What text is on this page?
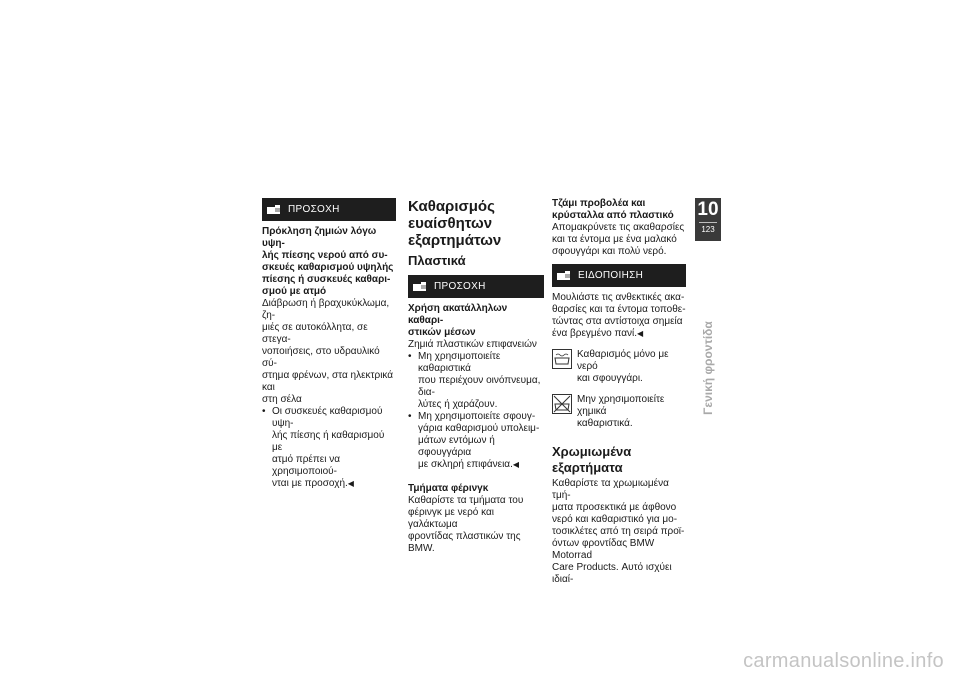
ΠΡΟΣΟΧΗ

Πρόκληση ζημιών λόγω υψη-
λής πίεσης νερού από συ-
σκευές καθαρισμού υψηλής
πίεσης ή συσκευές καθαρι-
σμού με ατμό

Διάβρωση ή βραχυκύκλωμα, ζη-
μιές σε αυτοκόλλητα, σε στεγα-
νοποιήσεις, στο υδραυλικό σύ-
στημα φρένων, στα ηλεκτρικά και
στη σέλα

• Οι συσκευές καθαρισμού υψη-
λής πίεσης ή καθαρισμού με
ατμό πρέπει να χρησιμοποιού-
νται με προσοχή.◀
Καθαρισμός
ευαίσθητων
εξαρτημάτων
Πλαστικά
ΠΡΟΣΟΧΗ

Χρήση ακατάλληλων καθαρι-
στικών μέσων

Ζημιά πλαστικών επιφανειών

• Μη χρησιμοποιείτε καθαριστικά
που περιέχουν οινόπνευμα, δια-
λύτες ή χαράζουν.
• Μη χρησιμοποιείτε σφουγ-
γάρια καθαρισμού υπολειμ-
μάτων εντόμων ή σφουγγάρια
με σκληρή επιφάνεια.◀

Τμήματα φέρινγκ

Καθαρίστε τα τμήματα του
φέρινγκ με νερό και γαλάκτωμα
φροντίδας πλαστικών της BMW.

Τζάμι προβολέα και
κρύσταλλα από πλαστικό

Απομακρύνετε τις ακαθαρσίες
και τα έντομα με ένα μαλακό
σφουγγάρι και πολύ νερό.

ΕΙΔΟΠΟΙΗΣΗ

Μουλιάστε τις ανθεκτικές ακα-
θαρσίες και τα έντομα τοποθε-
τώντας στα αντίστοιχα σημεία
ένα βρεγμένο πανί.◀

Καθαρισμός μόνο με νερό
και σφουγγάρι.
Μην χρησιμοποιείτε χημικά
καθαριστικά.
Χρωμιωμένα εξαρτήματα

Καθαρίστε τα χρωμιωμένα τμή-
ματα προσεκτικά με άφθονο
νερό και καθαριστικό για μο-
τοσικλέτες από τη σειρά προϊ-
όντων φροντίδας BMW Motorrad
Care Products. Αυτό ισχύει ιδιαί-

10
123
Γενική φροντίδα
carmanualsonline.info
